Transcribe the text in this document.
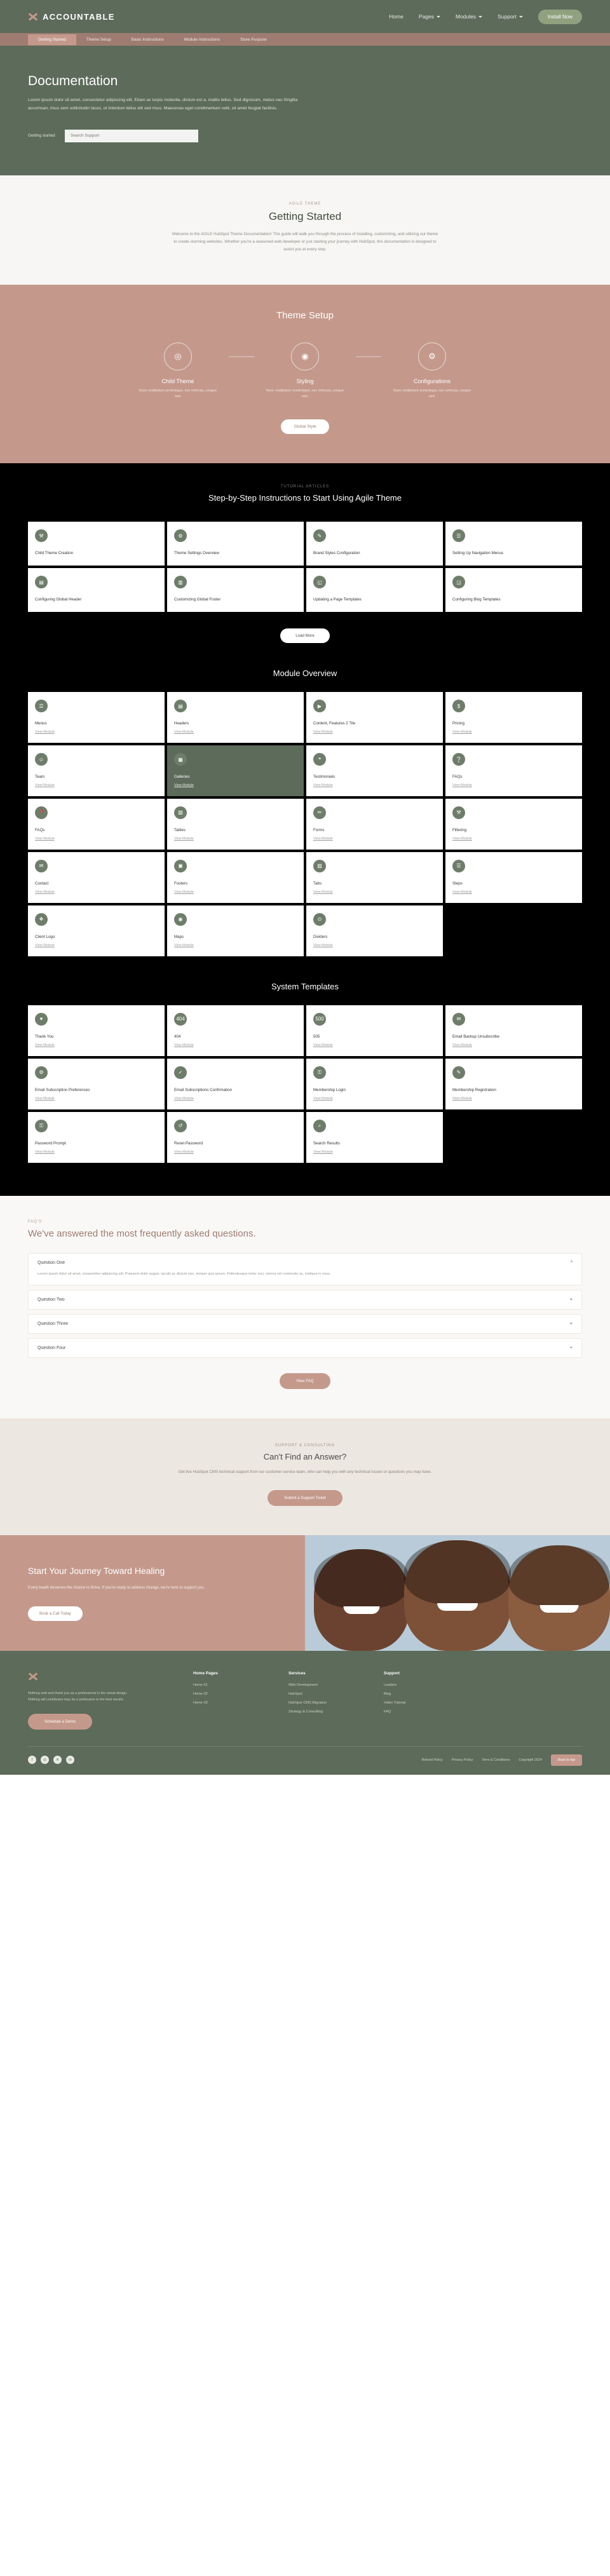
ACCOUNTABLE	Home	Pages	Modules	Support	Install Now
Getting Started	Theme Setup	Basic Instructions	Module Instructions	Store Purpose
Documentation

Lorem ipsum dolor sit amet, consectetur adipiscing elit. Etiam ac turpis molestie, dictum est a, mattis tellus. Sed dignissim, metus nec fringilla accumsan, risus sem sollicitudin lacus, ut interdum tellus elit sed risus. Maecenas eget condimentum velit, sit amet feugiat facilisis.

Getting started
Search Support
AGILE THEME
Getting Started

Welcome to the AGILE HubSpot Theme Documentation! This guide will walk you through the process of installing, customizing, and utilizing our theme to create stunning websites. Whether you're a seasoned web developer or just starting your journey with HubSpot, this documentation is designed to assist you at every step.

Theme Setup
◎
Child Theme
Nunc vestibulum scelerisque, nec vehicula, congue sed.
◉
Styling
Nunc vestibulum scelerisque, nec vehicula, congue sed.
⚙
Configurations
Nunc vestibulum scelerisque, nec vehicula, congue sed.
Global Style
TUTORIAL ARTICLES
Step-by-Step Instructions to Start Using Agile Theme
⚒
Child Theme Creation
⚙
Theme Settings Overview
✎
Brand Styles Configuration
☰
Setting Up Navigation Menus
▤
Configuring Global Header
▥
Customizing Global Footer
◱
Updating a Page Templates
◲
Configuring Blog Templates
Load More
Module Overview
☰
Menus
View Module
▤
Headers
View Module
▶
Content, Features 2 Tile
View Module
$
Pricing
View Module
☺
Team
View Module
▦
Galleries
View Module
❝
Testimonials
View Module
❔
FAQs
View Module
❓
FAQs
View Module
▧
Tables
View Module
✏
Forms
View Module
⚒
Filtering
View Module
✉
Contact
View Module
▣
Footers
View Module
▨
Tabs
View Module
☰
Steps
View Module
❖
Client Logo
View Module
◉
Maps
View Module
⊙
Dividers
View Module
System Templates
♥
Thank You
View Module
404
404
View Module
500
505
View Module
✉
Email Backup Unsubscribe
View Module
⚙
Email Subscription Preferences
View Module
✓
Email Subscriptions Confirmation
View Module
⚿
Membership Login
View Module
✎
Membership Registration
View Module
⚿
Password Prompt
View Module
↺
Reset Password
View Module
⌕
Search Results
View Module
FAQ'S
We've answered the most frequently asked questions.
Question One	^
Lorem ipsum dolor sit amet, consectetur adipiscing elit. Praesent dolor augue, iaculis ac dictum non, tempor quis ipsum. Pellentesque tortor orci, viverra vel commodo ac, tristique in risus.
Question Two	+
Question Three	+
Question Four	+
View FAQ
SUPPORT & CONSULTING
Can't Find an Answer?

Get live HubSpot CMS technical support from our customer service team, who can help you with any technical issues or questions you may have.

Submit a Support Ticket
Start Your Journey Toward Healing

Every health deserves the chance to thrive. If you're ready to address change, we're here to support you.

Book a Call Today

Nothing sold and thank you as a professional in the visual design. Nothing will contributes may be a profession to the best results.

Schedule a Demo
Home Pages
Home 01
Home 02
Home 03
Services
Web Development
HubSpot
HubSpot CMS Migration
Strategy & Consulting
Support
Leaders
Blog
Video Tutorial
FAQ
f	◎	✕	in	Refund Policy	Privacy Policy	Term & Conditions	Copyright 2024	Back to top
